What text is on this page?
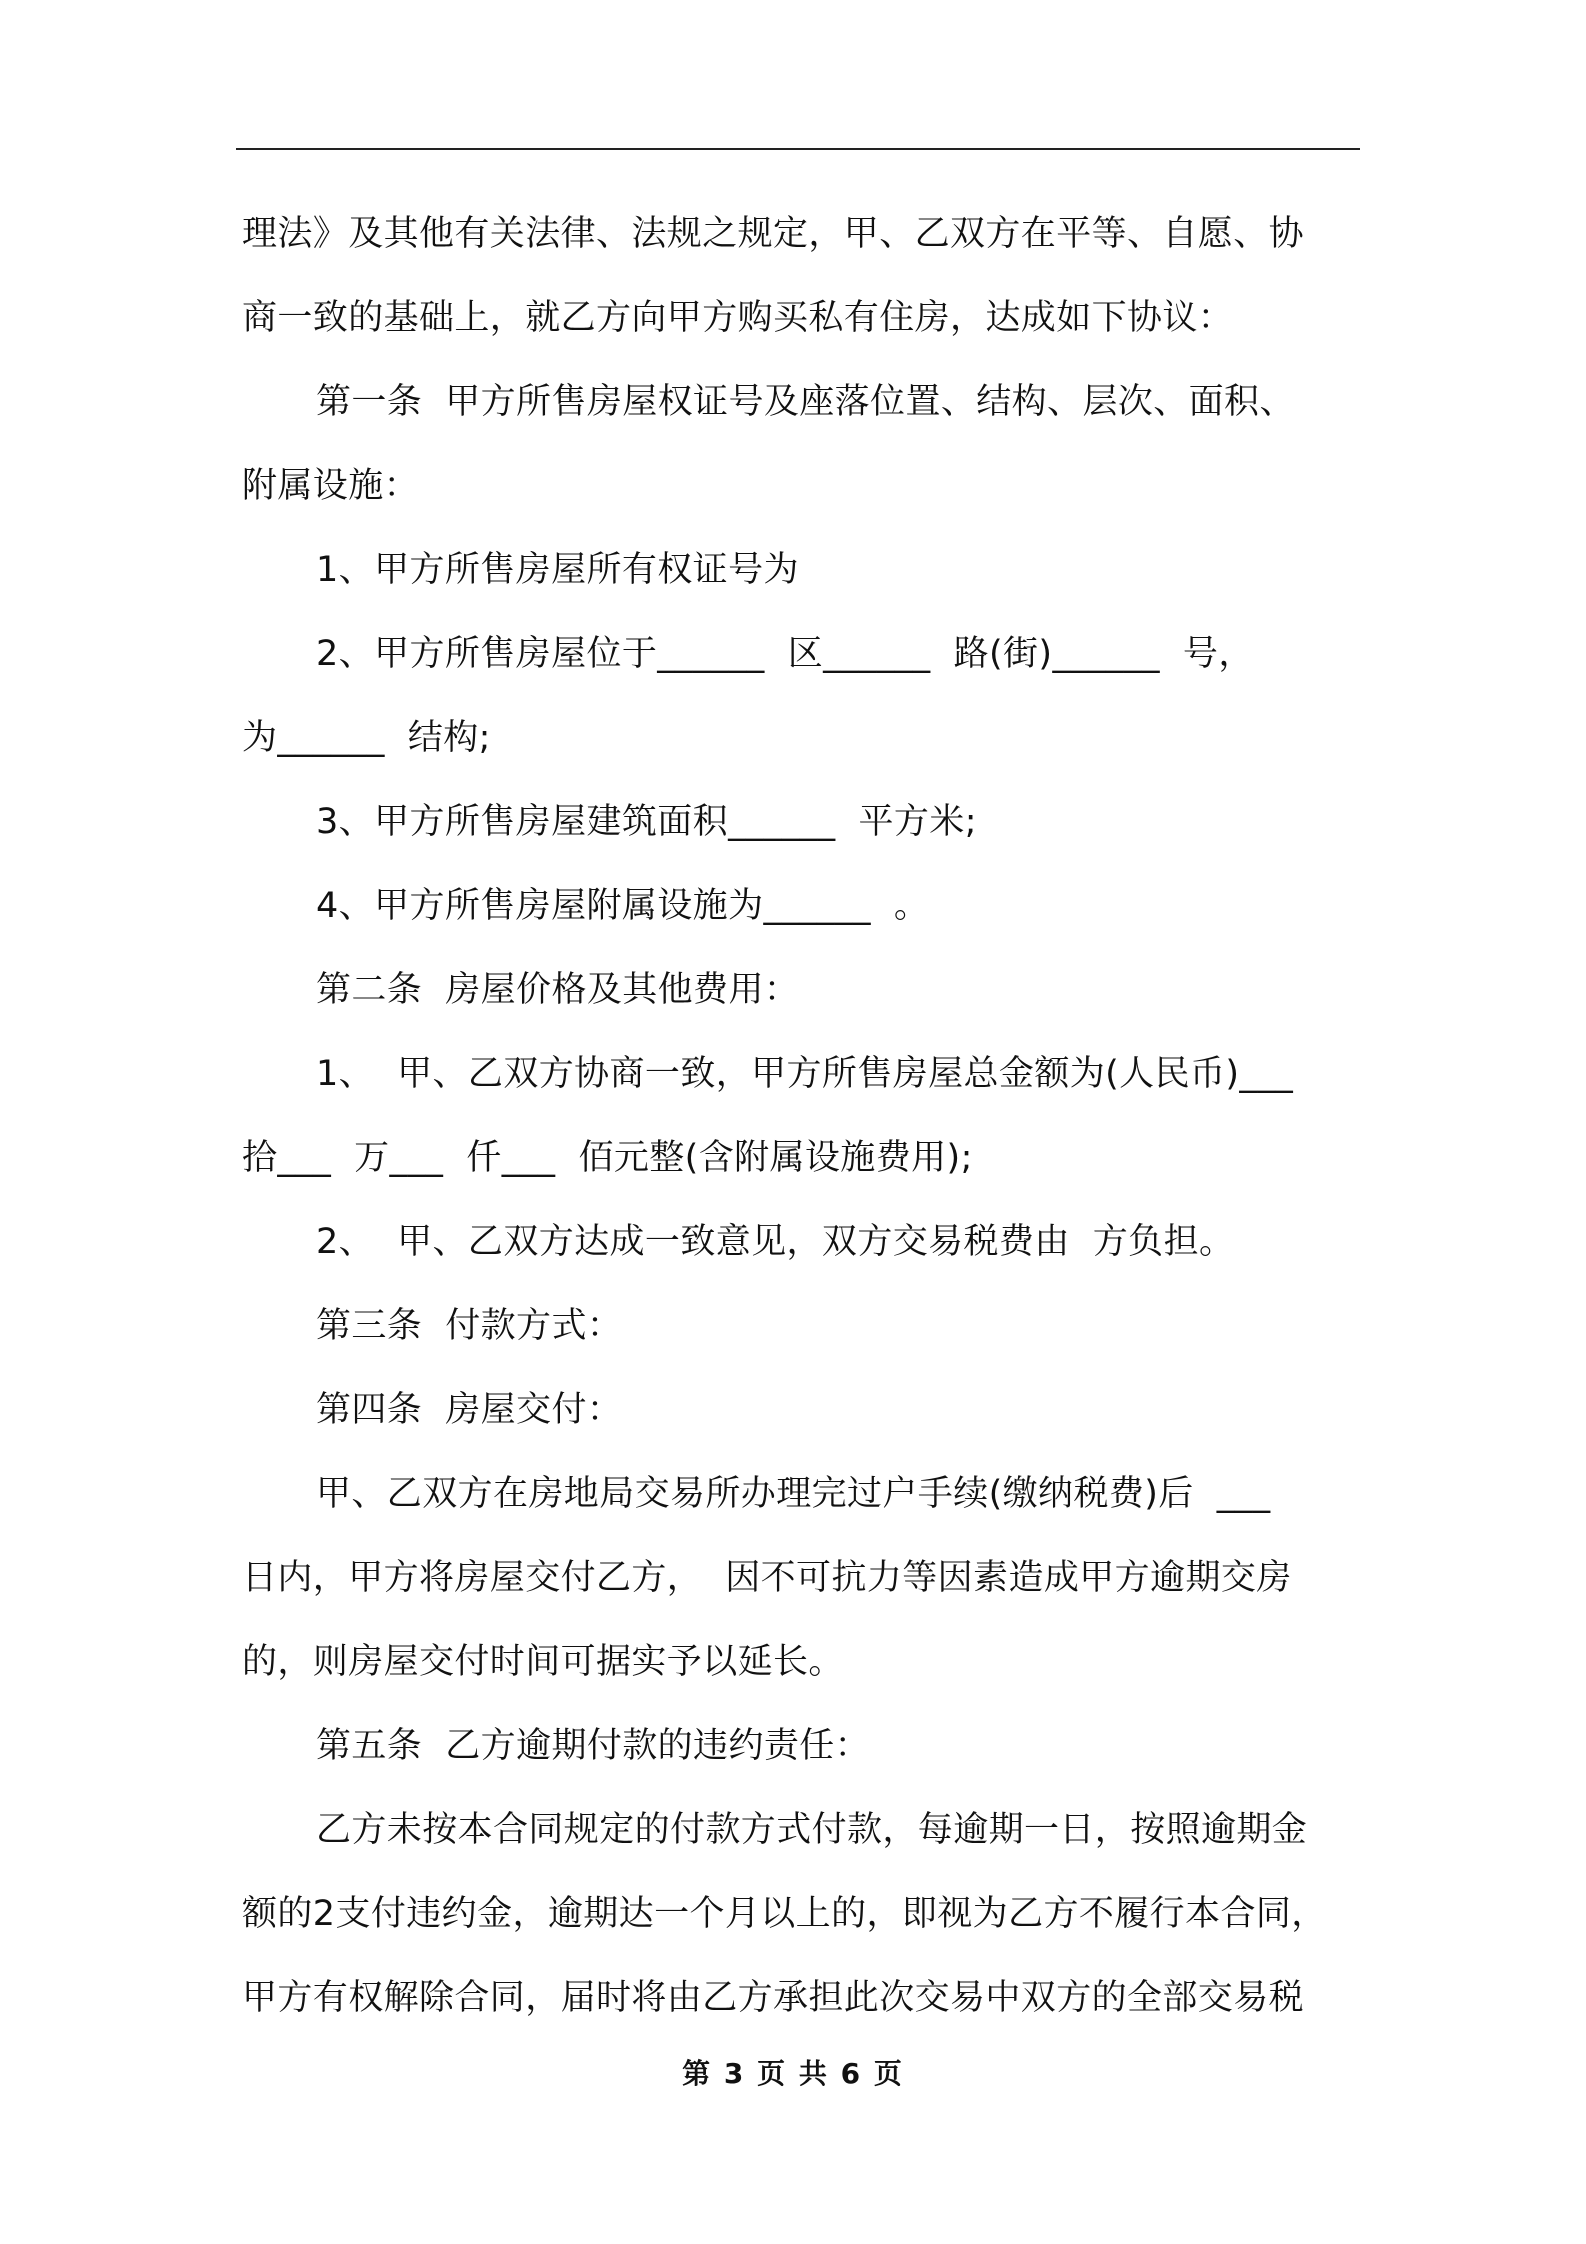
理法》及其他有关法律、法规之规定，甲、乙双方在平等、自愿、协
商一致的基础上，就乙方向甲方购买私有住房，达成如下协议：
第一条  甲方所售房屋权证号及座落位置、结构、层次、面积、
附属设施：
1、甲方所售房屋所有权证号为
2、甲方所售房屋位于______  区______  路(街)______  号，
为______  结构;
3、甲方所售房屋建筑面积______  平方米;
4、甲方所售房屋附属设施为______  。
第二条  房屋价格及其他费用：
1、  甲、乙双方协商一致，甲方所售房屋总金额为(人民币)___
拾___  万___  仟___  佰元整(含附属设施费用);
2、  甲、乙双方达成一致意见，双方交易税费由  方负担。
第三条  付款方式：
第四条  房屋交付：
甲、乙双方在房地局交易所办理完过户手续(缴纳税费)后  ___
日内，甲方将房屋交付乙方，  因不可抗力等因素造成甲方逾期交房
的，则房屋交付时间可据实予以延长。
第五条  乙方逾期付款的违约责任：
乙方未按本合同规定的付款方式付款，每逾期一日，按照逾期金
额的2支付违约金，逾期达一个月以上的，即视为乙方不履行本合同，
甲方有权解除合同，届时将由乙方承担此次交易中双方的全部交易税
第 3 页 共 6 页
